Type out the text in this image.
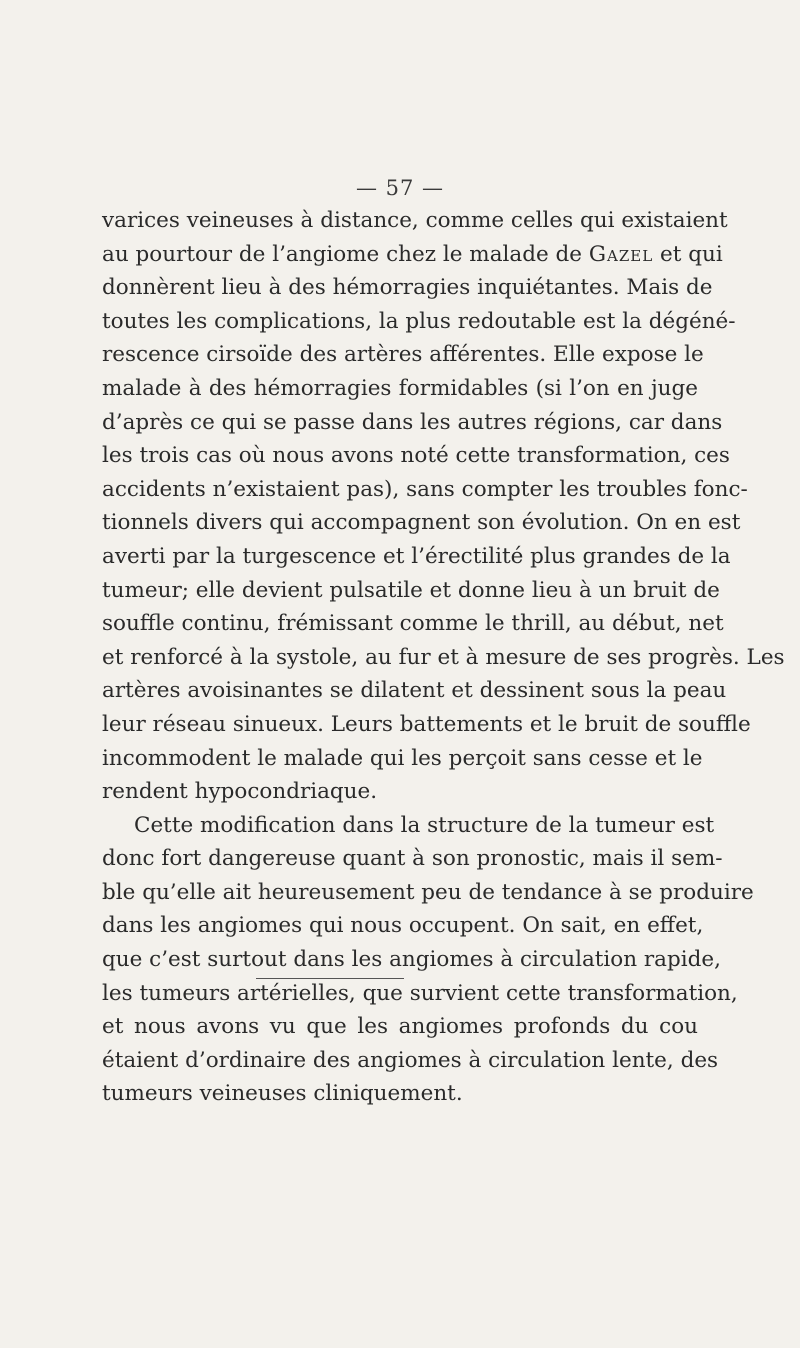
— 57 —
varices veineuses à distance, comme celles qui existaient
au pourtour de l’angiome chez le malade de Gazel et qui
donnèrent lieu à des hémorragies inquiétantes. Mais de
toutes les complications, la plus redoutable est la dégéné-
rescence cirsoïde des artères afférentes. Elle expose le
malade à des hémorragies formidables (si l’on en juge
d’après ce qui se passe dans les autres régions, car dans
les trois cas où nous avons noté cette transformation, ces
accidents n’existaient pas), sans compter les troubles fonc-
tionnels divers qui accompagnent son évolution. On en est
averti par la turgescence et l’érectilité plus grandes de la
tumeur; elle devient pulsatile et donne lieu à un bruit de
souffle continu, frémissant comme le thrill, au début, net
et renforcé à la systole, au fur et à mesure de ses progrès. Les
artères avoisinantes se dilatent et dessinent sous la peau
leur réseau sinueux. Leurs battements et le bruit de souffle
incommodent le malade qui les perçoit sans cesse et le
rendent hypocondriaque.
Cette modification dans la structure de la tumeur est
donc fort dangereuse quant à son pronostic, mais il sem-
ble qu’elle ait heureusement peu de tendance à se produire
dans les angiomes qui nous occupent. On sait, en effet,
que c’est surtout dans les angiomes à circulation rapide,
les tumeurs artérielles, que survient cette transformation,
et nous avons vu que les angiomes profonds du cou
étaient d’ordinaire des angiomes à circulation lente, des
tumeurs veineuses cliniquement.
